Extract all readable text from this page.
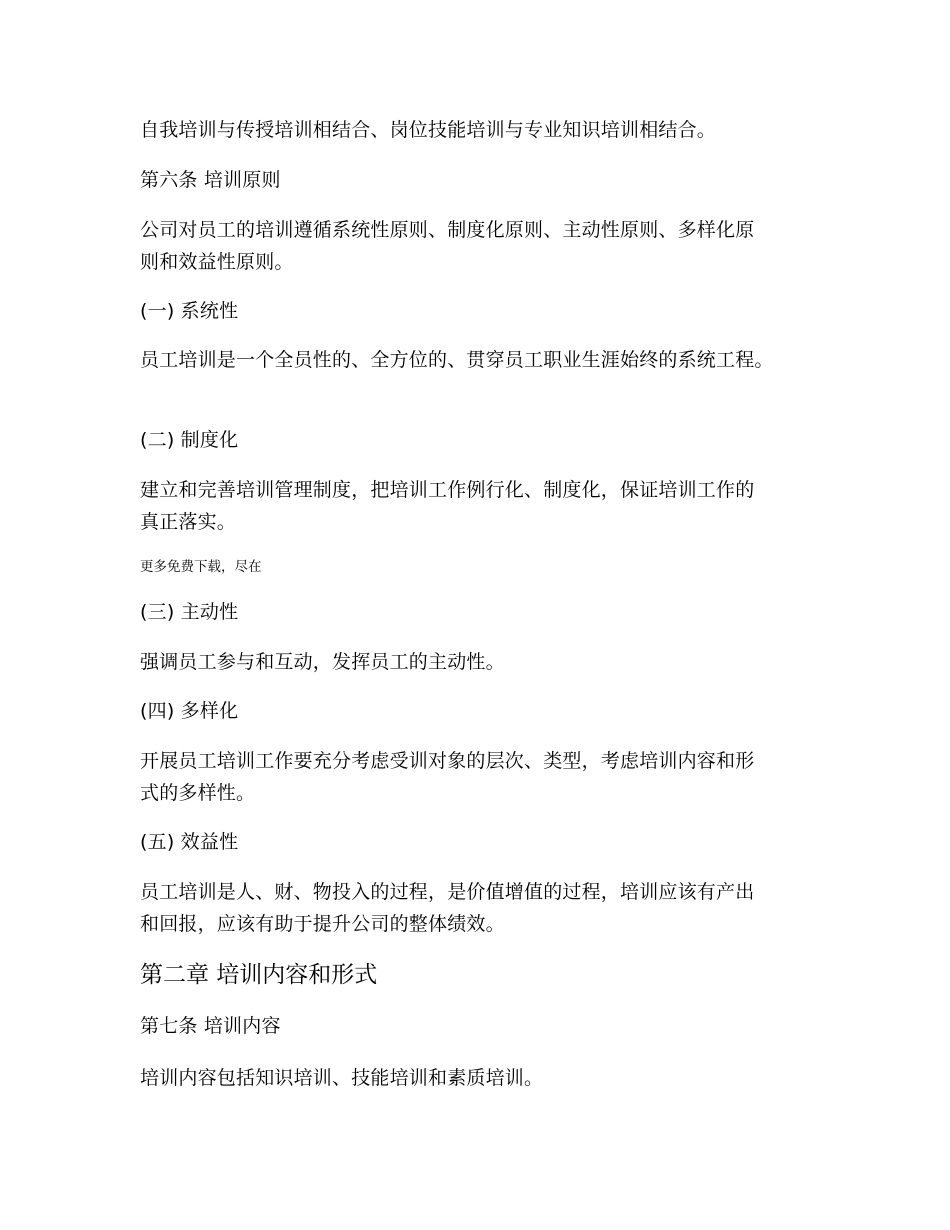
自我培训与传授培训相结合、岗位技能培训与专业知识培训相结合。
第六条 培训原则
公司对员工的培训遵循系统性原则、制度化原则、主动性原则、多样化原
则和效益性原则。
(一) 系统性
员工培训是一个全员性的、全方位的、贯穿员工职业生涯始终的系统工程。
(二) 制度化
建立和完善培训管理制度，把培训工作例行化、制度化，保证培训工作的
真正落实。
更多免费下载，尽在
(三) 主动性
强调员工参与和互动，发挥员工的主动性。
(四) 多样化
开展员工培训工作要充分考虑受训对象的层次、类型，考虑培训内容和形
式的多样性。
(五) 效益性
员工培训是人、财、物投入的过程，是价值增值的过程，培训应该有产出
和回报，应该有助于提升公司的整体绩效。
第二章 培训内容和形式
第七条 培训内容
培训内容包括知识培训、技能培训和素质培训。
